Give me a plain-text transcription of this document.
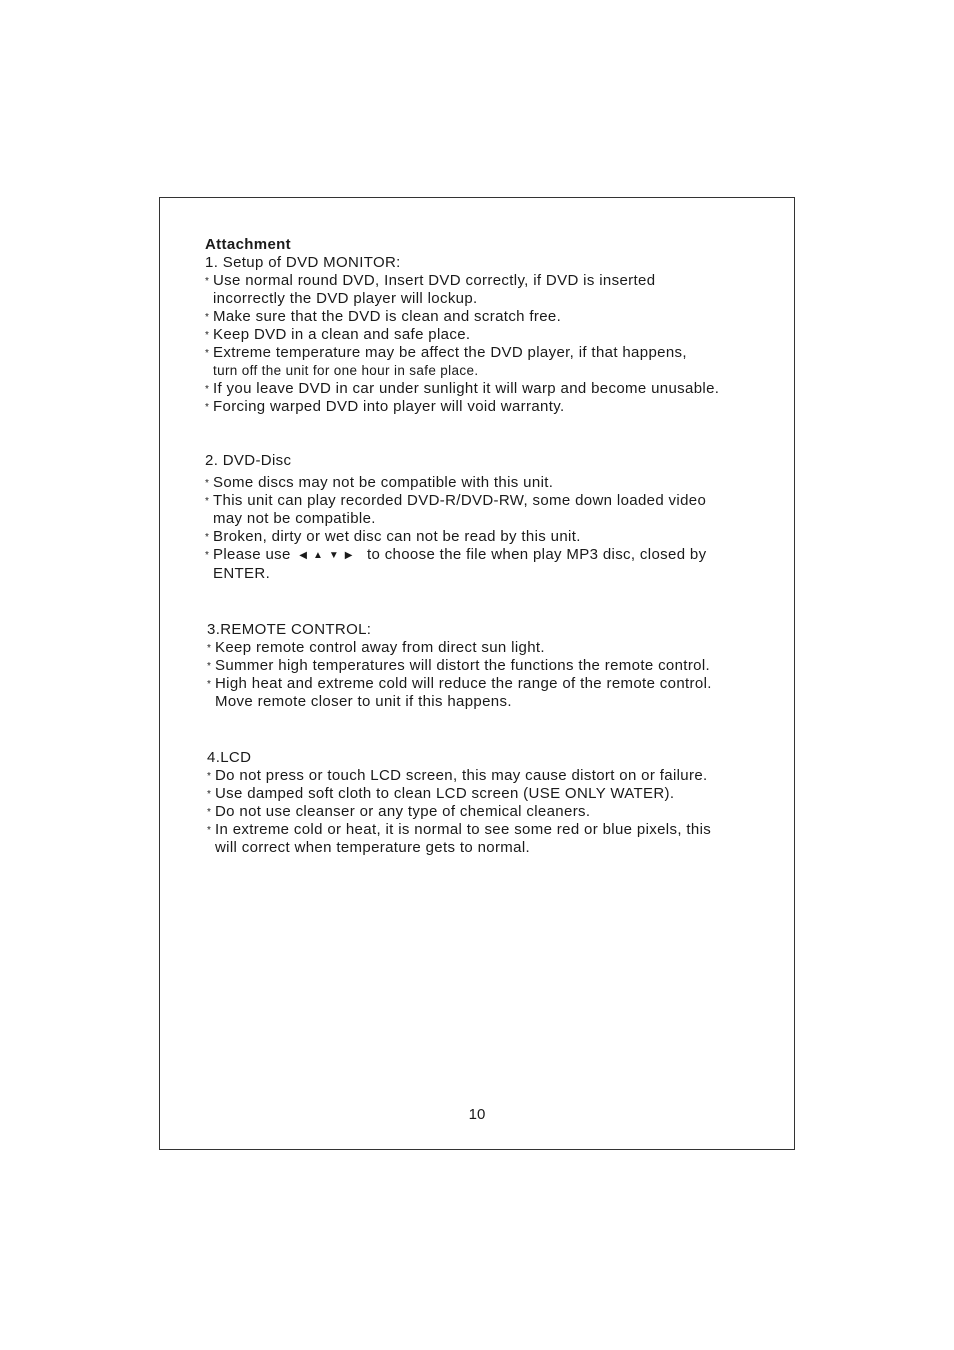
Attachment

1. Setup of DVD MONITOR:

* Use normal round DVD, Insert DVD correctly, if DVD is inserted
incorrectly the DVD player will lockup.
* Make sure that the DVD is clean and scratch free.
* Keep DVD in a clean and safe place.
* Extreme temperature may be affect the DVD player, if that happens,
turn off the unit for one hour in safe place.
* If you leave DVD in car under sunlight it will warp and become unusable.
* Forcing warped DVD into player will void warranty.

2. DVD-Disc

* Some discs may not be compatible with this unit.
* This unit can play recorded DVD-R/DVD-RW, some down loaded video
may not be compatible.
* Broken, dirty or wet disc can not be read by this unit.
* Please use ◀▲▼▶ to choose the file when play MP3 disc, closed by
ENTER.

3.REMOTE CONTROL:

* Keep remote control away from direct sun light.
* Summer high temperatures will distort the functions the remote control.
* High heat and extreme cold will reduce the range of the remote control.
Move remote closer to unit if this happens.

4.LCD

* Do not press or touch LCD screen, this may cause distort on or failure.
* Use damped soft cloth to clean LCD screen (USE ONLY WATER).
* Do not use cleanser or any type of chemical cleaners.
* In extreme cold or heat, it is normal to see some red or blue pixels, this
will correct when temperature gets to normal.
10
